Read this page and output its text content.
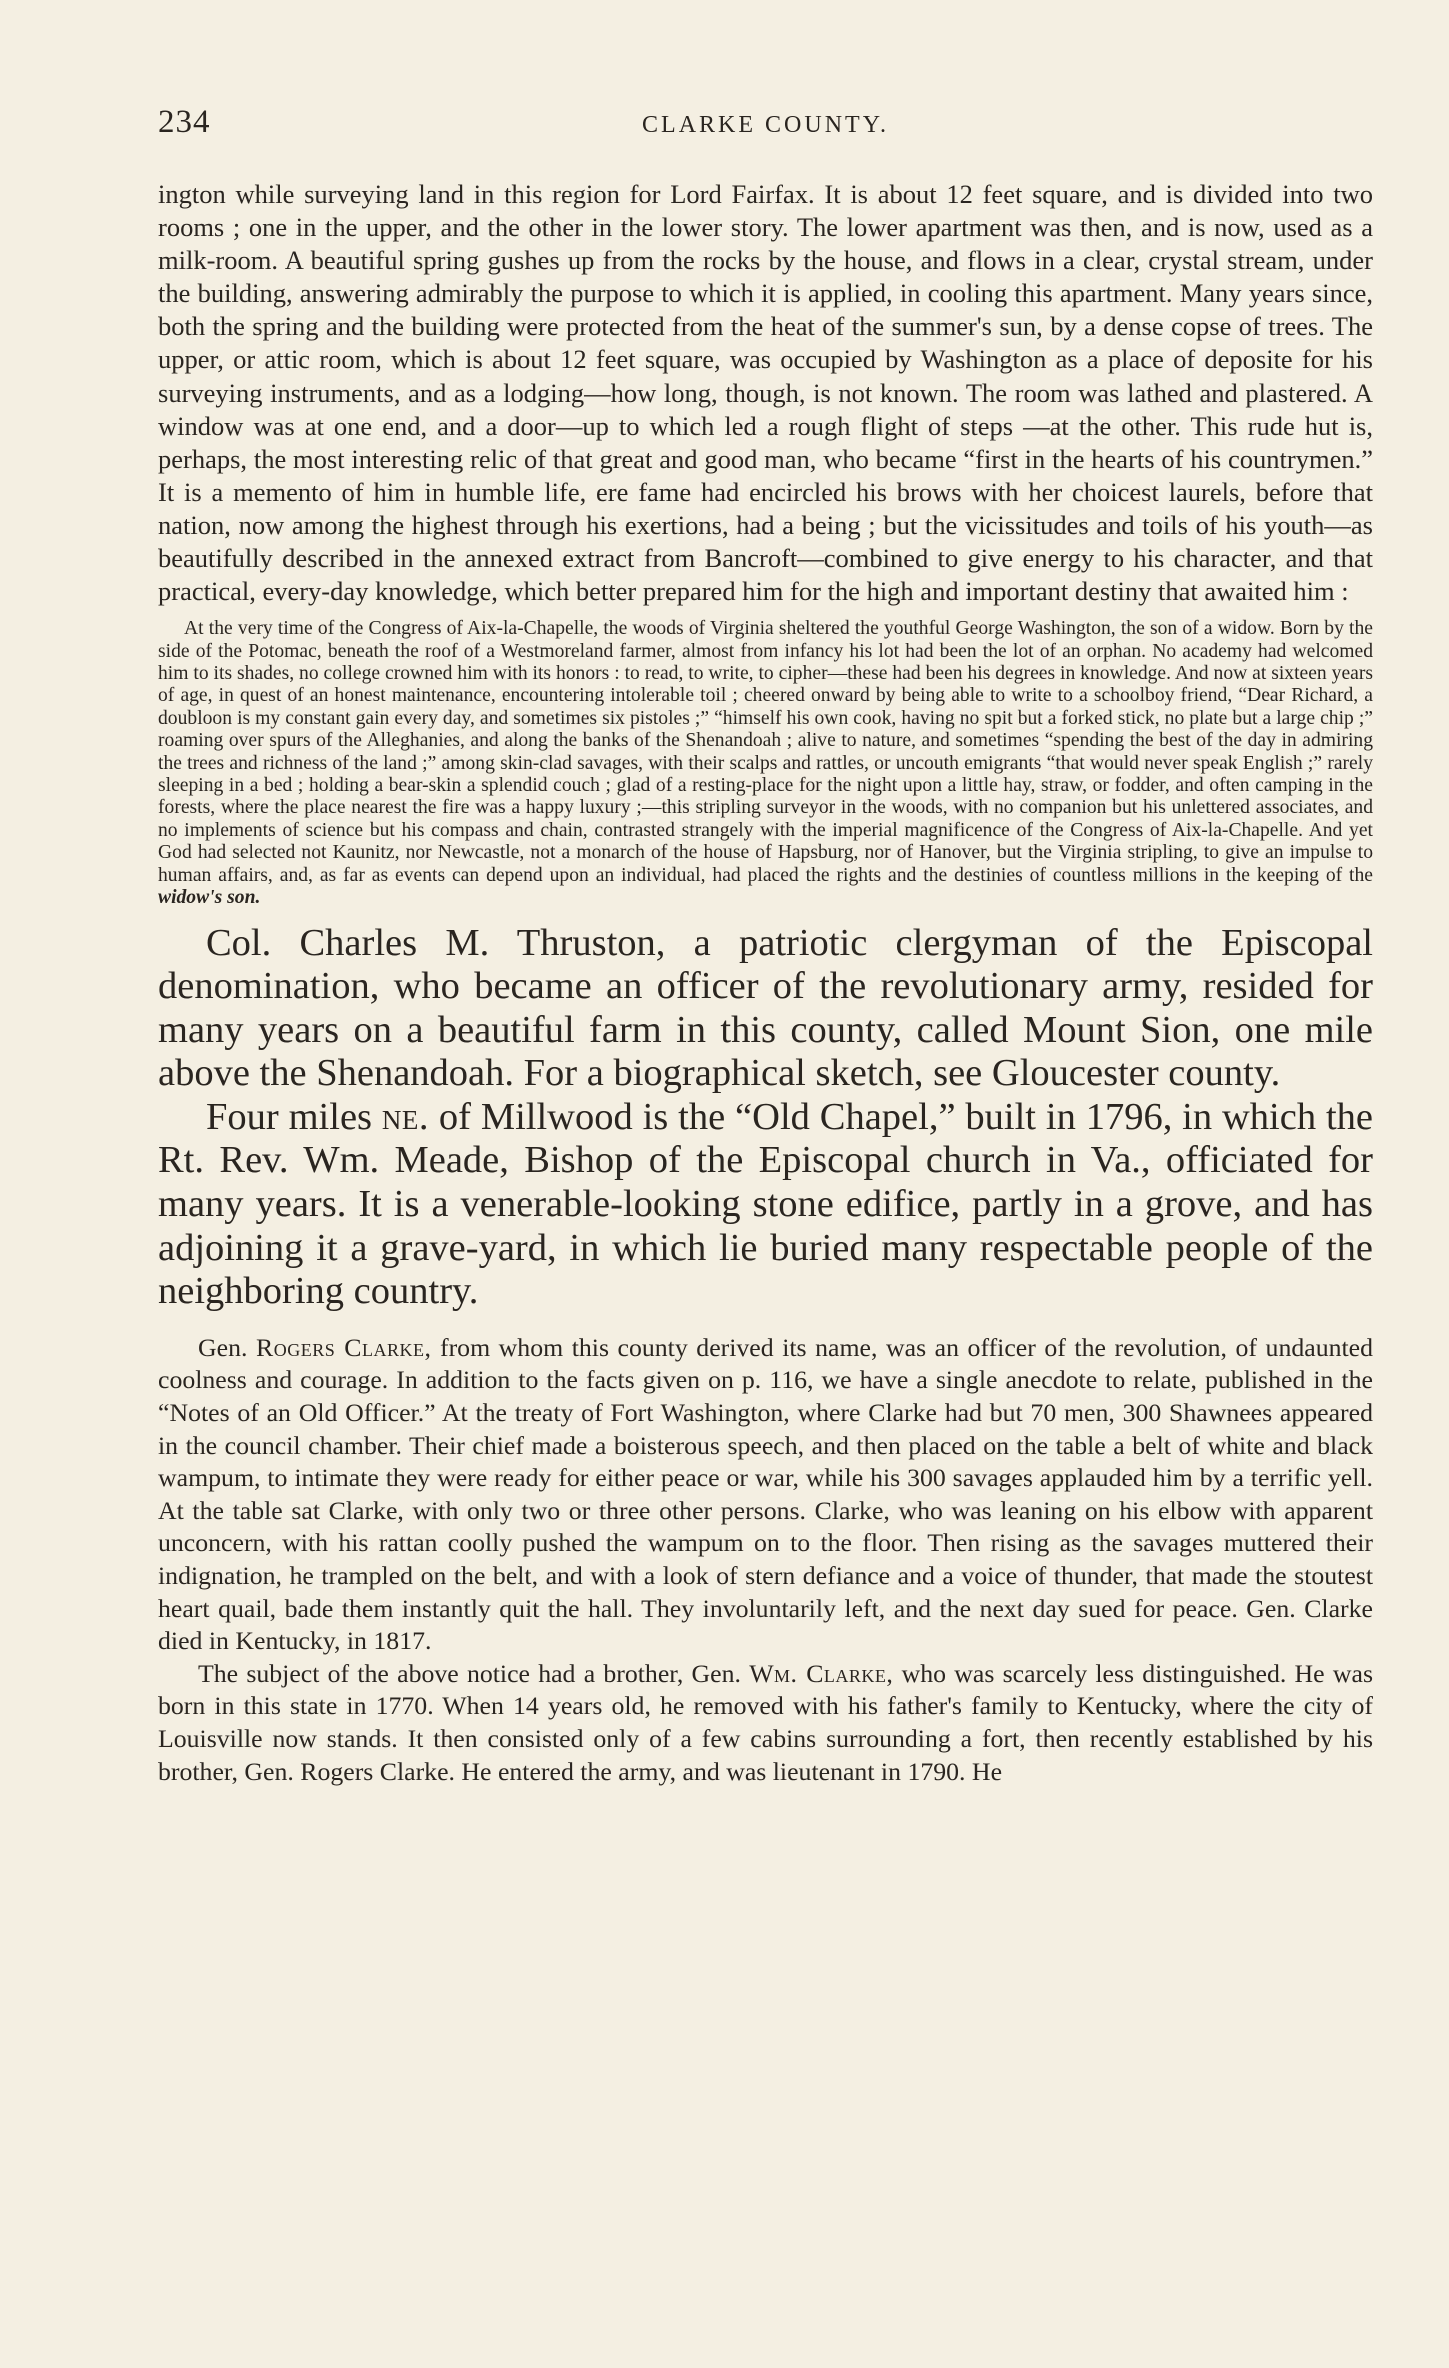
234	CLARKE COUNTY.

ington while surveying land in this region for Lord Fairfax. It is about 12 feet square, and is divided into two rooms ; one in the upper, and the other in the lower story. The lower apartment was then, and is now, used as a milk-room. A beautiful spring gushes up from the rocks by the house, and flows in a clear, crystal stream, under the building, answering admirably the purpose to which it is applied, in cooling this apartment. Many years since, both the spring and the building were protected from the heat of the summer's sun, by a dense copse of trees. The upper, or attic room, which is about 12 feet square, was occupied by Washington as a place of deposite for his surveying instruments, and as a lodging—how long, though, is not known. The room was lathed and plastered. A window was at one end, and a door—up to which led a rough flight of steps —at the other. This rude hut is, perhaps, the most interesting relic of that great and good man, who became “first in the hearts of his countrymen.” It is a memento of him in humble life, ere fame had encircled his brows with her choicest laurels, before that nation, now among the highest through his exertions, had a being ; but the vicissitudes and toils of his youth—as beautifully described in the annexed extract from Bancroft—combined to give energy to his character, and that practical, every-day knowledge, which better prepared him for the high and important destiny that awaited him :

At the very time of the Congress of Aix-la-Chapelle, the woods of Virginia sheltered the youthful George Washington, the son of a widow. Born by the side of the Potomac, beneath the roof of a Westmoreland farmer, almost from infancy his lot had been the lot of an orphan. No academy had welcomed him to its shades, no college crowned him with its honors : to read, to write, to cipher—these had been his degrees in knowledge. And now at sixteen years of age, in quest of an honest maintenance, encountering intolerable toil ; cheered onward by being able to write to a schoolboy friend, “Dear Richard, a doubloon is my constant gain every day, and sometimes six pistoles ;” “himself his own cook, having no spit but a forked stick, no plate but a large chip ;” roaming over spurs of the Alleghanies, and along the banks of the Shenandoah ; alive to nature, and sometimes “spending the best of the day in admiring the trees and richness of the land ;” among skin-clad savages, with their scalps and rattles, or uncouth emigrants “that would never speak English ;” rarely sleeping in a bed ; holding a bear-skin a splendid couch ; glad of a resting-place for the night upon a little hay, straw, or fodder, and often camping in the forests, where the place nearest the fire was a happy luxury ;—this stripling surveyor in the woods, with no companion but his unlettered associates, and no implements of science but his compass and chain, contrasted strangely with the imperial magnificence of the Congress of Aix-la-Chapelle. And yet God had selected not Kaunitz, nor Newcastle, not a monarch of the house of Hapsburg, nor of Hanover, but the Virginia stripling, to give an impulse to human affairs, and, as far as events can depend upon an individual, had placed the rights and the destinies of countless millions in the keeping of the widow's son.

Col. Charles M. Thruston, a patriotic clergyman of the Episcopal denomination, who became an officer of the revolutionary army, resided for many years on a beautiful farm in this county, called Mount Sion, one mile above the Shenandoah. For a biographical sketch, see Gloucester county.

Four miles ne. of Millwood is the “Old Chapel,” built in 1796, in which the Rt. Rev. Wm. Meade, Bishop of the Episcopal church in Va., officiated for many years. It is a venerable-looking stone edifice, partly in a grove, and has adjoining it a grave-yard, in which lie buried many respectable people of the neighboring country.

Gen. Rogers Clarke, from whom this county derived its name, was an officer of the revolution, of undaunted coolness and courage. In addition to the facts given on p. 116, we have a single anecdote to relate, published in the “Notes of an Old Officer.” At the treaty of Fort Washington, where Clarke had but 70 men, 300 Shawnees appeared in the council chamber. Their chief made a boisterous speech, and then placed on the table a belt of white and black wampum, to intimate they were ready for either peace or war, while his 300 savages applauded him by a terrific yell. At the table sat Clarke, with only two or three other persons. Clarke, who was leaning on his elbow with apparent unconcern, with his rattan coolly pushed the wampum on to the floor. Then rising as the savages muttered their indignation, he trampled on the belt, and with a look of stern defiance and a voice of thunder, that made the stoutest heart quail, bade them instantly quit the hall. They involuntarily left, and the next day sued for peace. Gen. Clarke died in Kentucky, in 1817.

The subject of the above notice had a brother, Gen. Wm. Clarke, who was scarcely less distinguished. He was born in this state in 1770. When 14 years old, he removed with his father's family to Kentucky, where the city of Louisville now stands. It then consisted only of a few cabins surrounding a fort, then recently established by his brother, Gen. Rogers Clarke. He entered the army, and was lieutenant in 1790. He
